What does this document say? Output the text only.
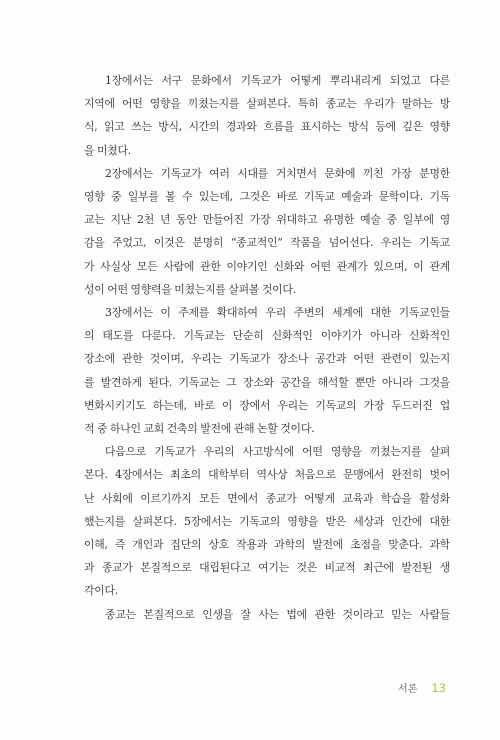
1장에서는 서구 문화에서 기독교가 어떻게 뿌리내리게 되었고 다른
지역에 어떤 영향을 끼쳤는지를 살펴본다. 특히 종교는 우리가 말하는 방
식, 읽고 쓰는 방식, 시간의 경과와 흐름을 표시하는 방식 등에 깊은 영향
을 미쳤다.
2장에서는 기독교가 여러 시대를 거치면서 문화에 끼친 가장 분명한
영향 중 일부를 볼 수 있는데, 그것은 바로 기독교 예술과 문학이다. 기독
교는 지난 2천 년 동안 만들어진 가장 위대하고 유명한 예술 중 일부에 영
감을 주었고, 이것은 분명히 “종교적인” 작품을 넘어선다. 우리는 기독교
가 사실상 모든 사람에 관한 이야기인 신화와 어떤 관계가 있으며, 이 관계
성이 어떤 영향력을 미쳤는지를 살펴볼 것이다.
3장에서는 이 주제를 확대하여 우리 주변의 세계에 대한 기독교인들
의 태도를 다룬다. 기독교는 단순히 신화적인 이야기가 아니라 신화적인
장소에 관한 것이며, 우리는 기독교가 장소나 공간과 어떤 관련이 있는지
를 발견하게 된다. 기독교는 그 장소와 공간을 해석할 뿐만 아니라 그것을
변화시키기도 하는데, 바로 이 장에서 우리는 기독교의 가장 두드러진 업
적 중 하나인 교회 건축의 발전에 관해 논할 것이다.
다음으로 기독교가 우리의 사고방식에 어떤 영향을 끼쳤는지를 살펴
본다. 4장에서는 최초의 대학부터 역사상 처음으로 문맹에서 완전히 벗어
난 사회에 이르기까지 모든 면에서 종교가 어떻게 교육과 학습을 활성화
했는지를 살펴본다. 5장에서는 기독교의 영향을 받은 세상과 인간에 대한
이해, 즉 개인과 집단의 상호 작용과 과학의 발전에 초점을 맞춘다. 과학
과 종교가 본질적으로 대립된다고 여기는 것은 비교적 최근에 발전된 생
각이다.
종교는 본질적으로 인생을 잘 사는 법에 관한 것이라고 믿는 사람들
서론 13
